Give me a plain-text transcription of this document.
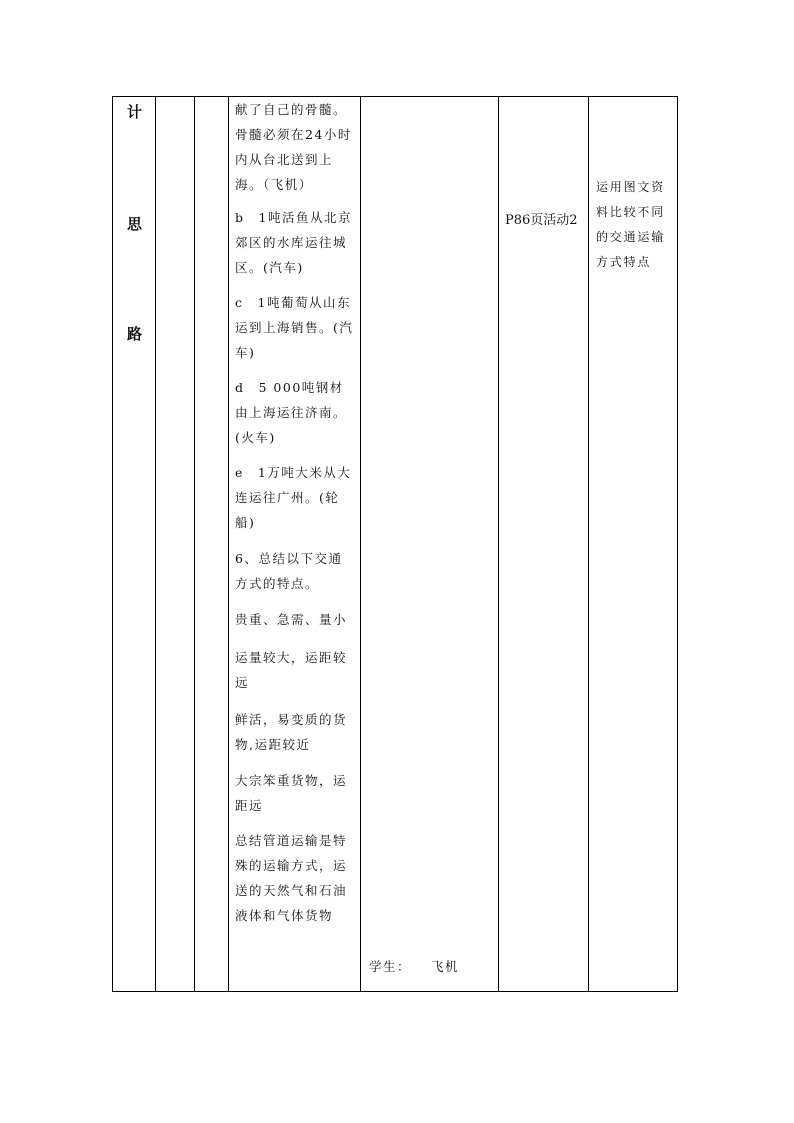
计
思
路

献了自己的骨髓。骨髓必须在24小时内从台北送到上海。（飞机）

b　1吨活鱼从北京郊区的水库运往城区。(汽车)

c　1吨葡萄从山东运到上海销售。(汽车)

d　5 000吨钢材由上海运往济南。(火车)

e　1万吨大米从大连运往广州。(轮船)

6、总结以下交通方式的特点。

贵重、急需、量小

运量较大，运距较远

鲜活，易变质的货物,运距较近

大宗笨重货物，运距远

总结管道运输是特殊的运输方式，运送的天然气和石油液体和气体货物

学生： 飞机
P86页活动2

运用图文资料比较不同的交通运输方式特点
